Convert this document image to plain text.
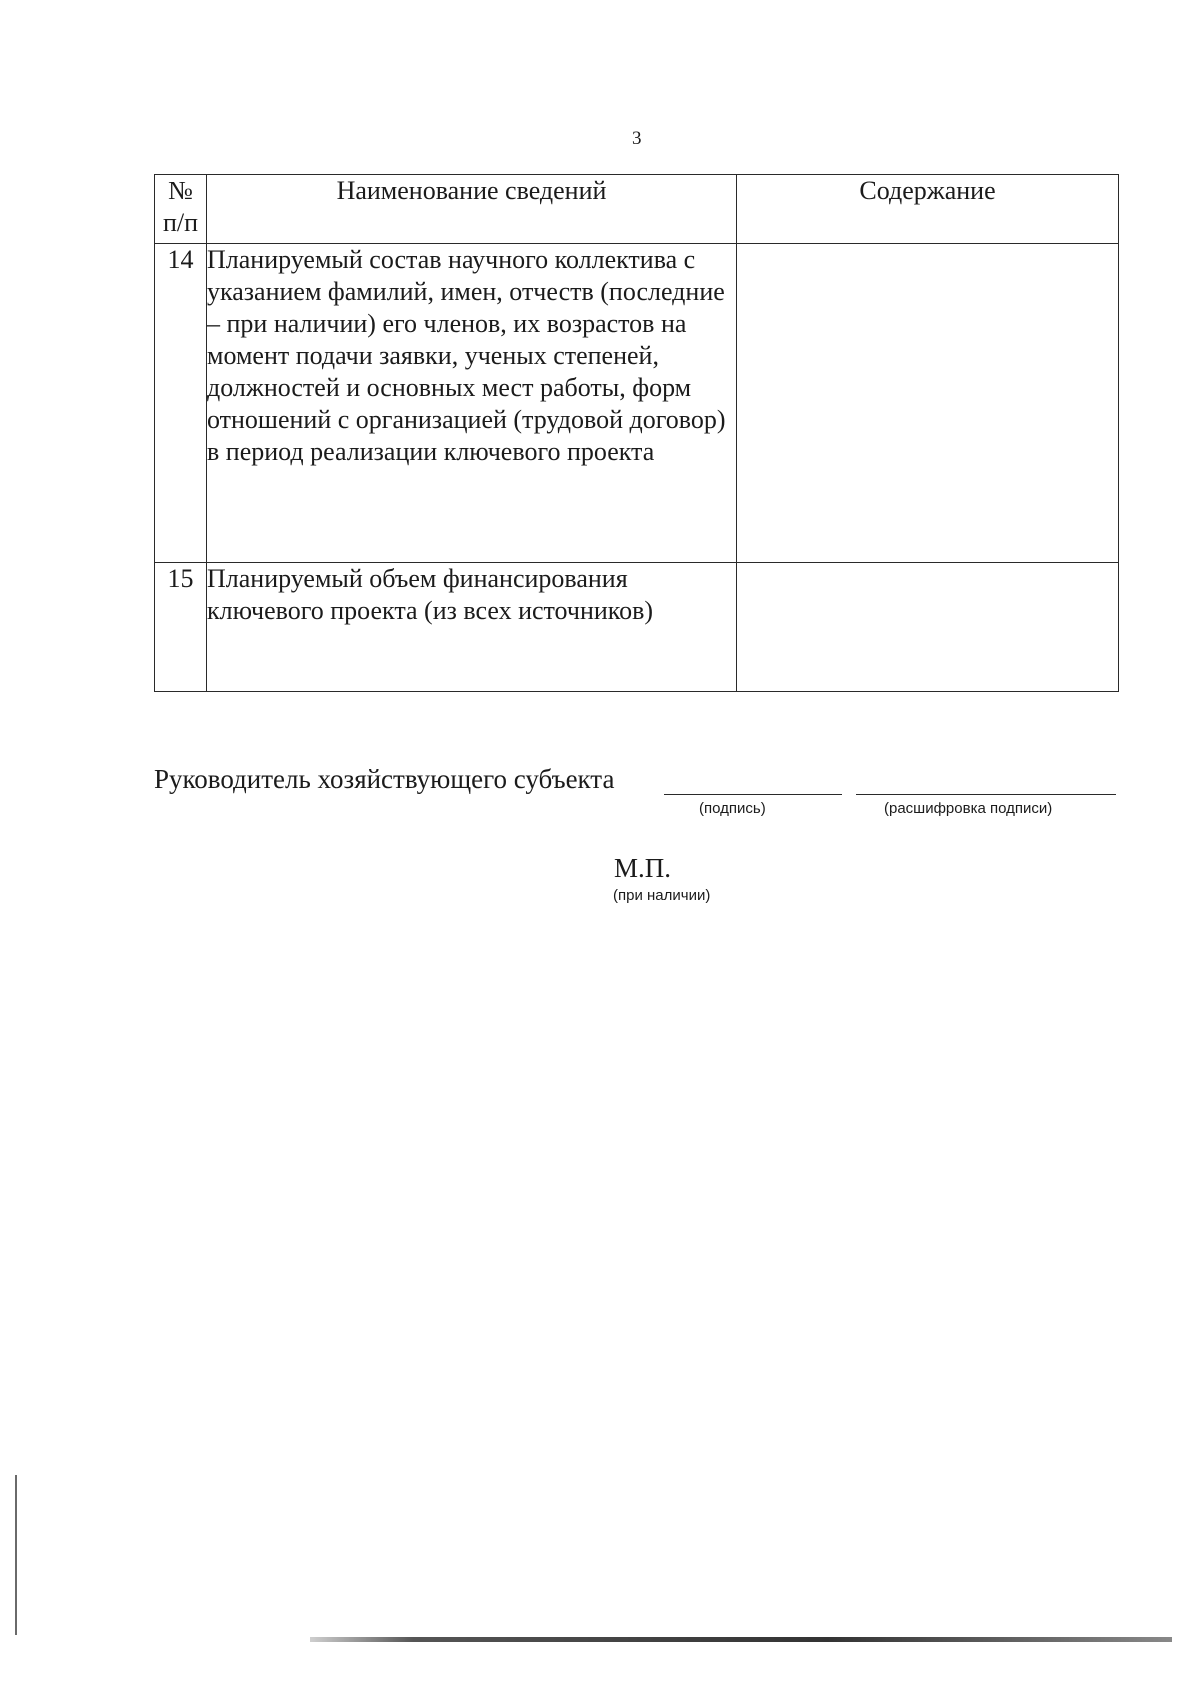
3
№ п/п	Наименование сведений	Содержание
14	Планируемый состав научного коллектива с указанием фамилий, имен, отчеств (последние – при наличии) его членов, их возрастов на момент подачи заявки, ученых степеней, должностей и основных мест работы, форм отношений с организацией (трудовой договор) в период реализации ключевого проекта	
15	Планируемый объем финансирования ключевого проекта (из всех источников)	
Руководитель хозяйствующего субъекта
(подпись)	(расшифровка подписи)
М.П.
(при наличии)
